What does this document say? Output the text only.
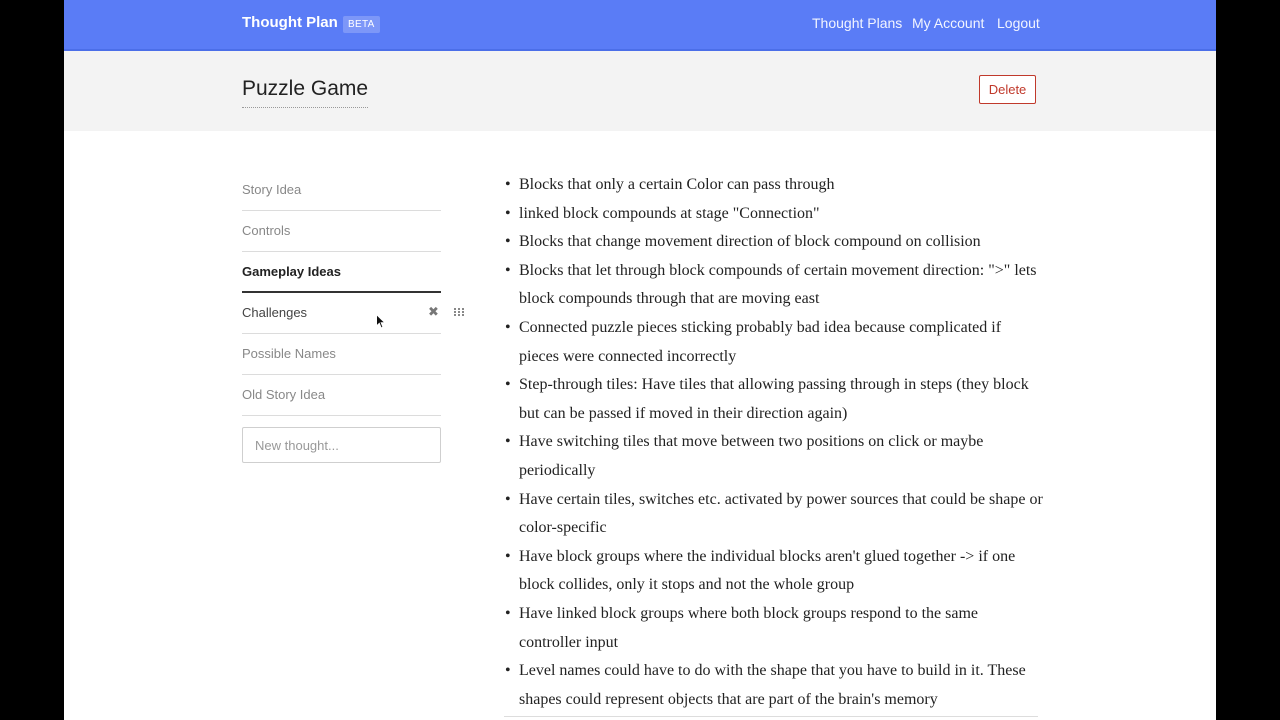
Thought Plan	BETA	Thought Plans My Account Logout
Puzzle Game	Delete
Story Idea
Controls
Gameplay Ideas
Challenges	✖
Possible Names
Old Story Idea
New thought...
• Blocks that only a certain Color can pass through
• linked block compounds at stage "Connection"
• Blocks that change movement direction of block compound on collision
• Blocks that let through block compounds of certain movement direction: ">" lets block compounds through that are moving east
• Connected puzzle pieces sticking probably bad idea because complicated if pieces were connected incorrectly
• Step-through tiles: Have tiles that allowing passing through in steps (they block but can be passed if moved in their direction again)
• Have switching tiles that move between two positions on click or maybe periodically
• Have certain tiles, switches etc. activated by power sources that could be shape or color-specific
• Have block groups where the individual blocks aren't glued together -> if one block collides, only it stops and not the whole group
• Have linked block groups where both block groups respond to the same controller input
• Level names could have to do with the shape that you have to build in it. These shapes could represent objects that are part of the brain's memory
